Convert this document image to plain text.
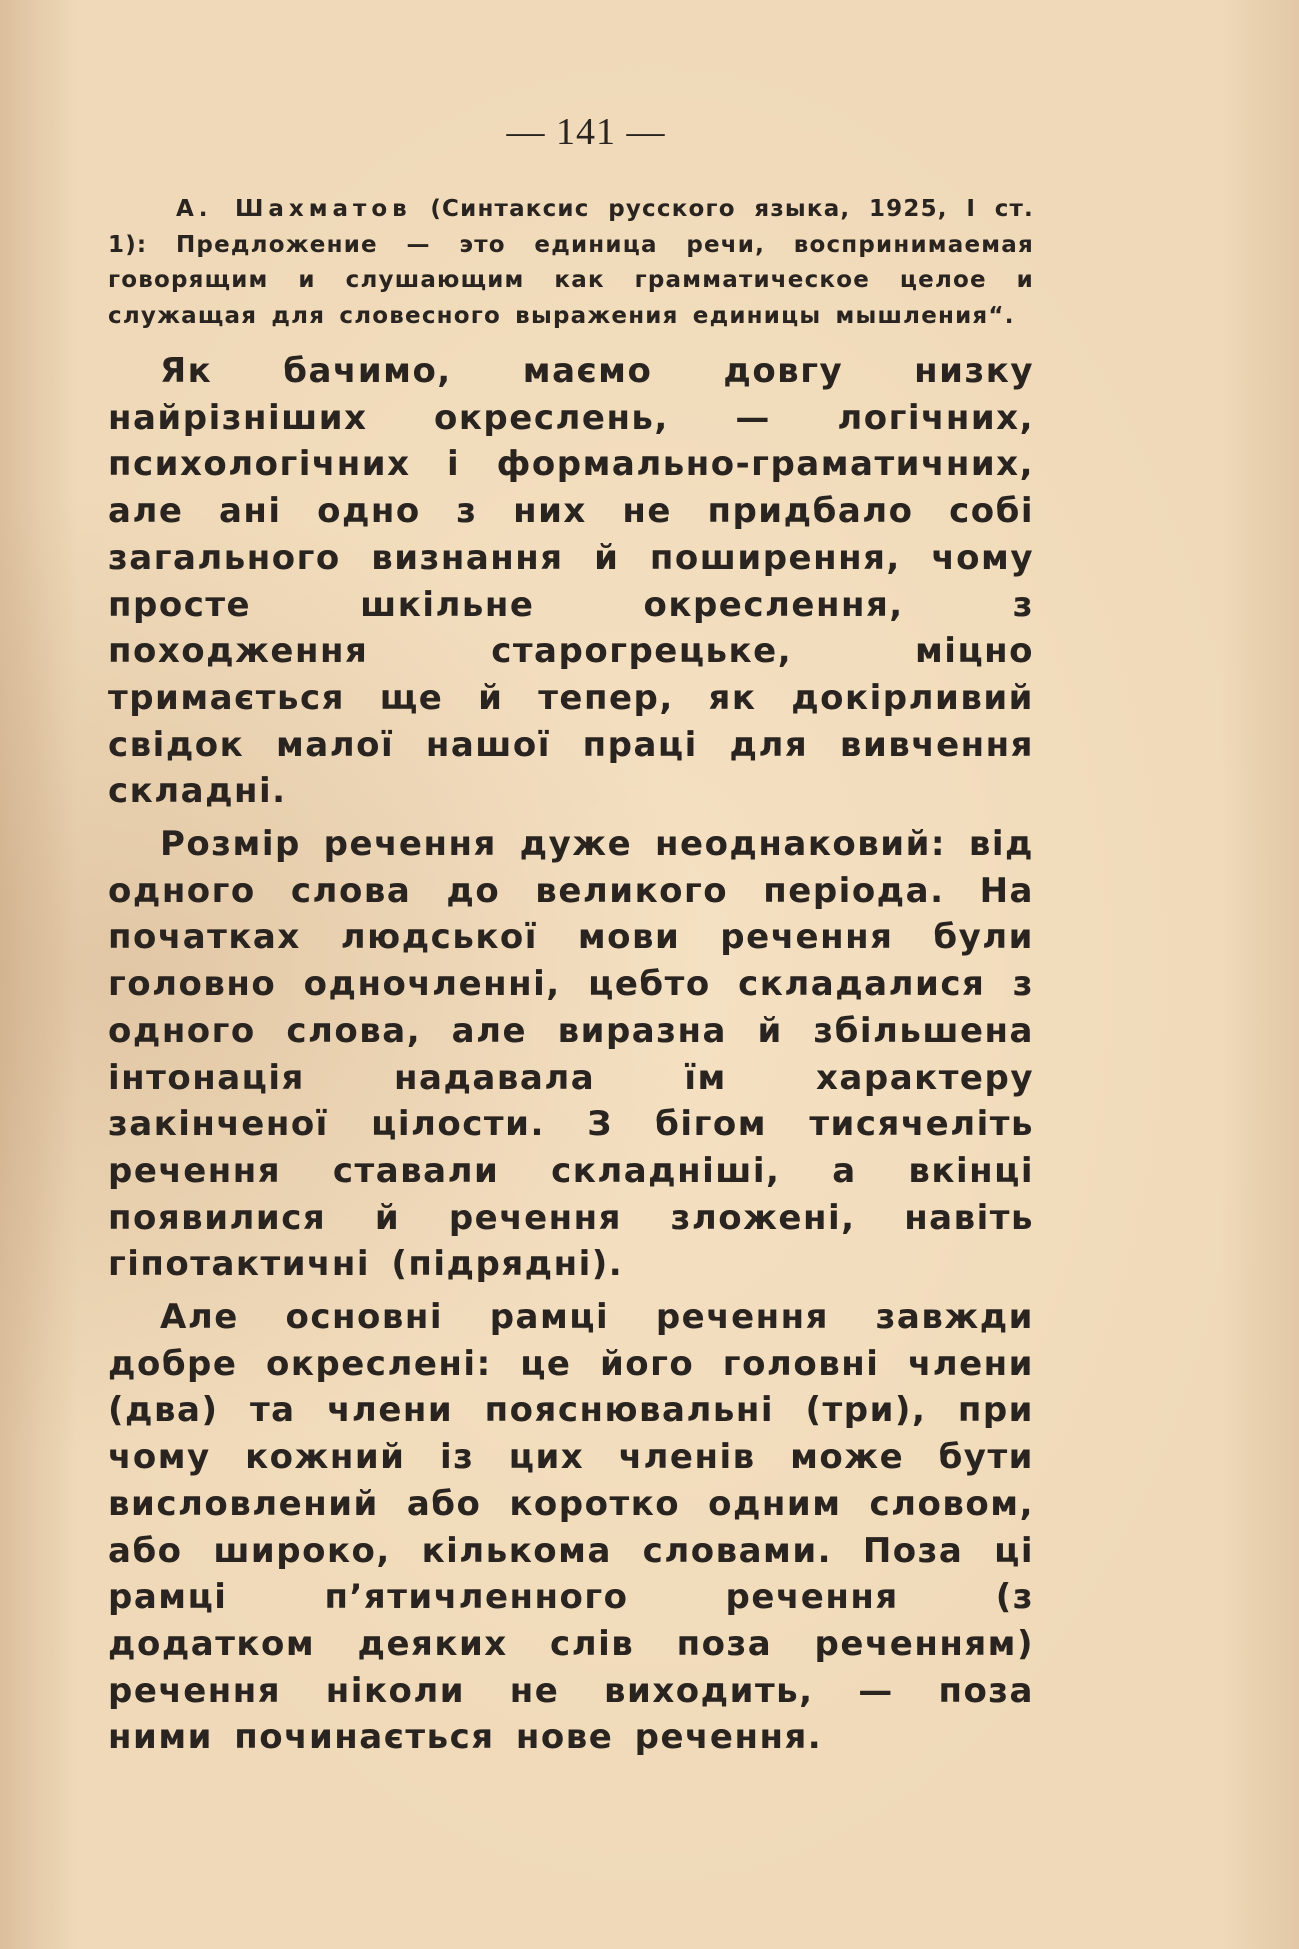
— 141 —

А. Шахматов (Синтаксис русского языка, 1925, I ст. 1): Предложение — это единица речи, воспринимаемая говорящим и слушающим как грамматическое целое и служащая для словесного выражения единицы мышления“.

Як бачимо, маємо довгу низку найрізніших окреслень, — логічних, психологічних і формально-граматичних, але ані одно з них не придбало собі загального визнання й поширення, чому просте шкільне окреслення, з походження старогрецьке, міцно тримається ще й тепер, як докірливий свідок малої нашої праці для вивчення складні.

Розмір речення дуже неоднаковий: від одного слова до великого періода. На початках людської мови речення були головно одночленні, цебто складалися з одного слова, але виразна й збільшена інтонація надавала їм характеру закінченої цілости. З бігом тисячеліть речення ставали складніші, а вкінці появилися й речення зложені, навіть гіпотактичні (підрядні).

Але основні рамці речення завжди добре окреслені: це його головні члени (два) та члени пояснювальні (три), при чому кожний із цих членів може бути висловлений або коротко одним словом, або широко, кількома словами. Поза ці рамці п’ятичленного речення (з додатком деяких слів поза реченням) речення ніколи не виходить, — поза ними починається нове речення.
